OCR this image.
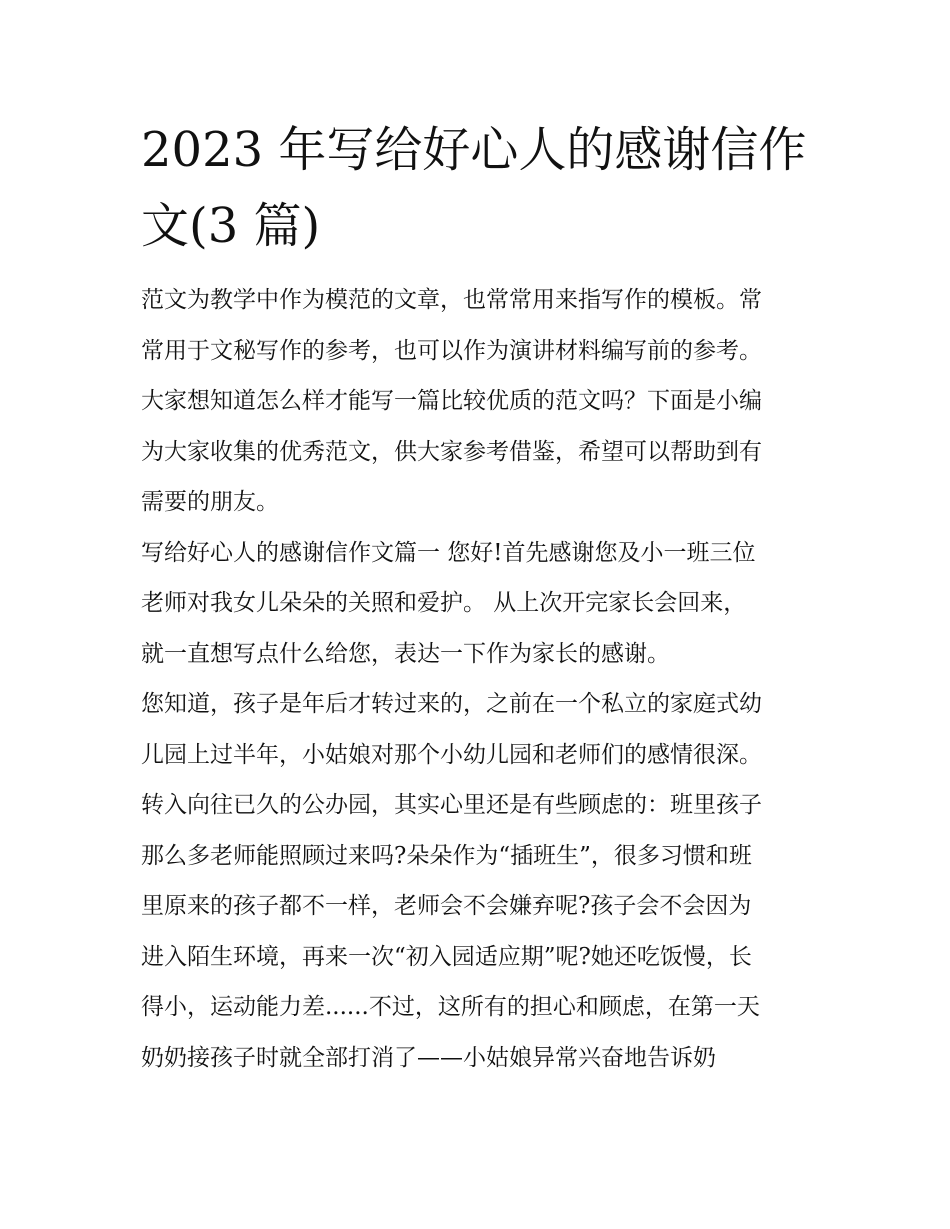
2023 年写给好心人的感谢信作
文(3 篇)

范文为教学中作为模范的文章，也常常用来指写作的模板。常
常用于文秘写作的参考，也可以作为演讲材料编写前的参考。
大家想知道怎么样才能写一篇比较优质的范文吗？下面是小编
为大家收集的优秀范文，供大家参考借鉴，希望可以帮助到有
需要的朋友。

写给好心人的感谢信作文篇一 您好!首先感谢您及小一班三位
老师对我女儿朵朵的关照和爱护。 从上次开完家长会回来，
就一直想写点什么给您，表达一下作为家长的感谢。

您知道，孩子是年后才转过来的，之前在一个私立的家庭式幼
儿园上过半年，小姑娘对那个小幼儿园和老师们的感情很深。
转入向往已久的公办园，其实心里还是有些顾虑的：班里孩子
那么多老师能照顾过来吗?朵朵作为“插班生”，很多习惯和班
里原来的孩子都不一样，老师会不会嫌弃呢?孩子会不会因为
进入陌生环境，再来一次“初入园适应期”呢?她还吃饭慢，长
得小，运动能力差......不过，这所有的担心和顾虑，在第一天
奶奶接孩子时就全部打消了——小姑娘异常兴奋地告诉奶
